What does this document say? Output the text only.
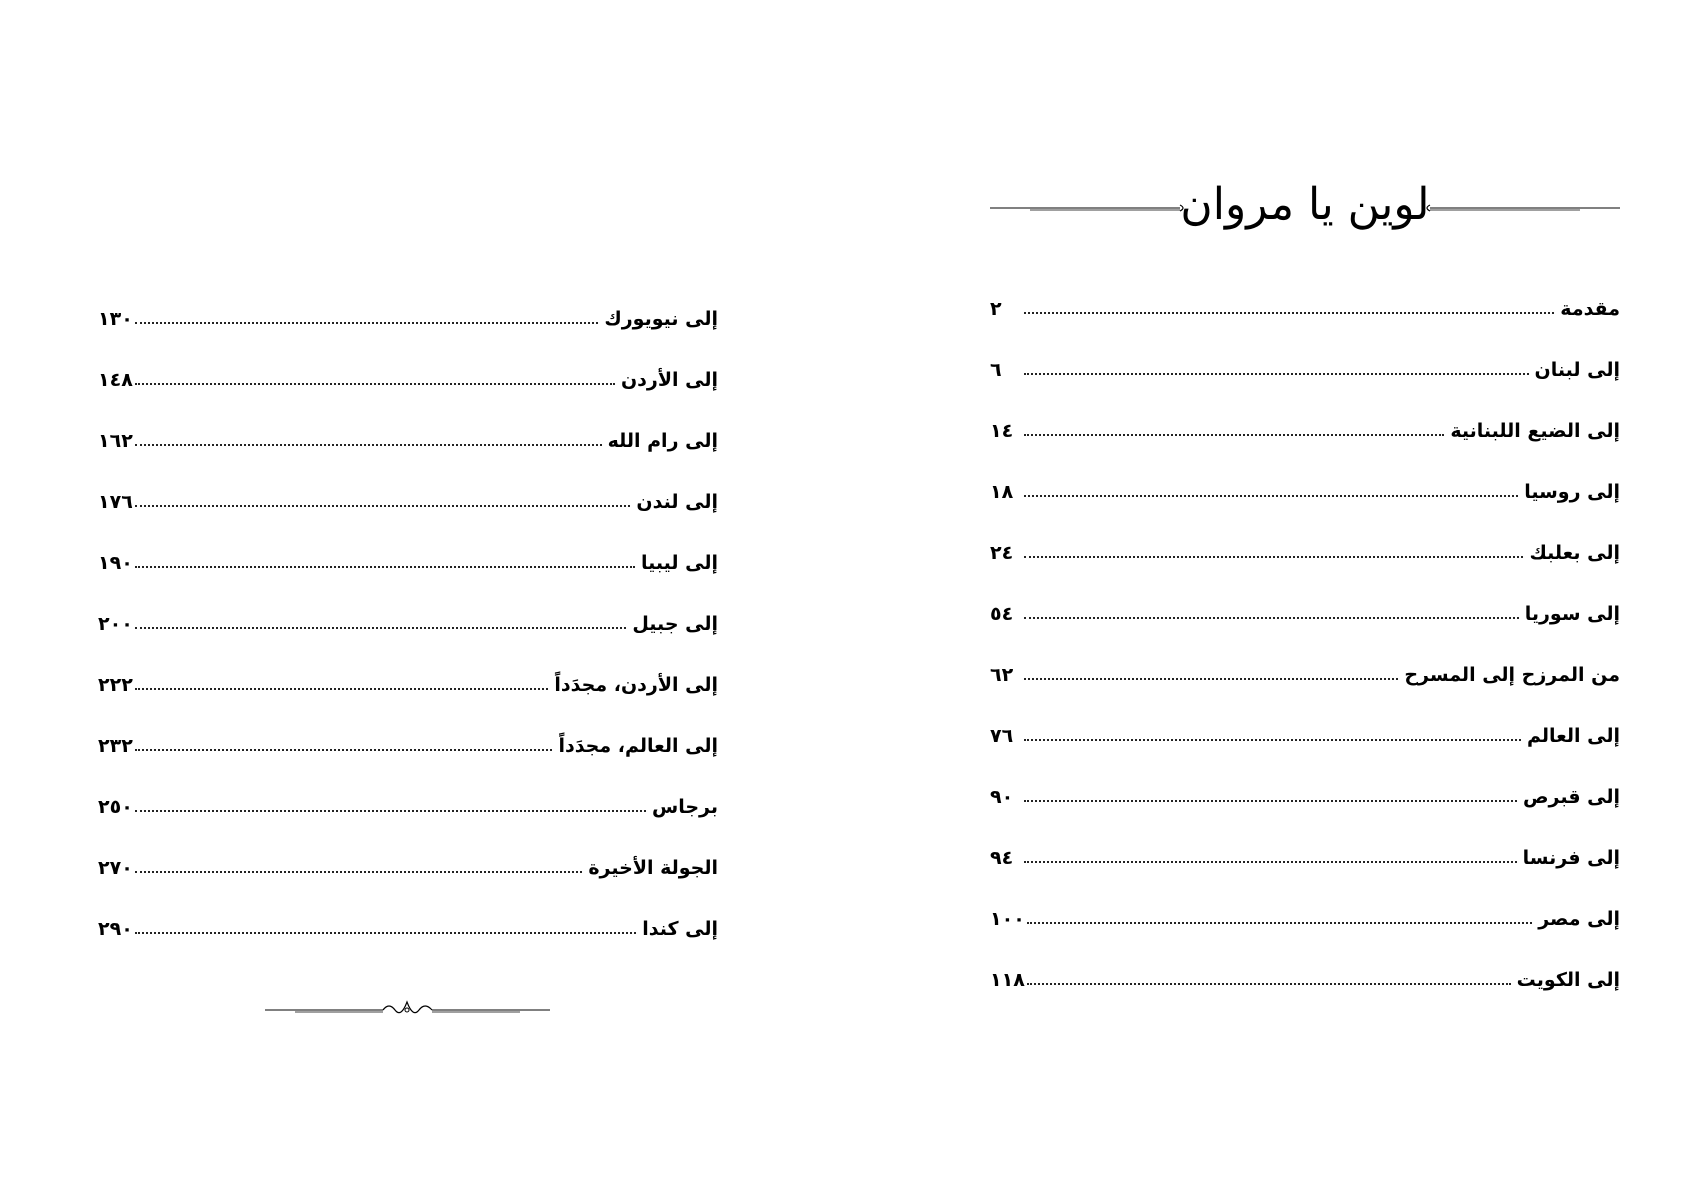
لوين يا مروان
مقدمة
٢
إلى لبنان
٦
إلى الضيع اللبنانية
١٤
إلى روسيا
١٨
إلى بعلبك
٢٤
إلى سوريا
٥٤
من المرزح إلى المسرح
٦٢
إلى العالم
٧٦
إلى قبرص
٩٠
إلى فرنسا
٩٤
إلى مصر
١٠٠
إلى الكويت
١١٨
إلى نيويورك
١٣٠
إلى الأردن
١٤٨
إلى رام الله
١٦٢
إلى لندن
١٧٦
إلى ليبيا
١٩٠
إلى جبيل
٢٠٠
إلى الأردن، مجدَداً
٢٢٢
إلى العالم، مجدَداً
٢٣٢
برجاس
٢٥٠
الجولة الأخيرة
٢٧٠
إلى كندا
٢٩٠
